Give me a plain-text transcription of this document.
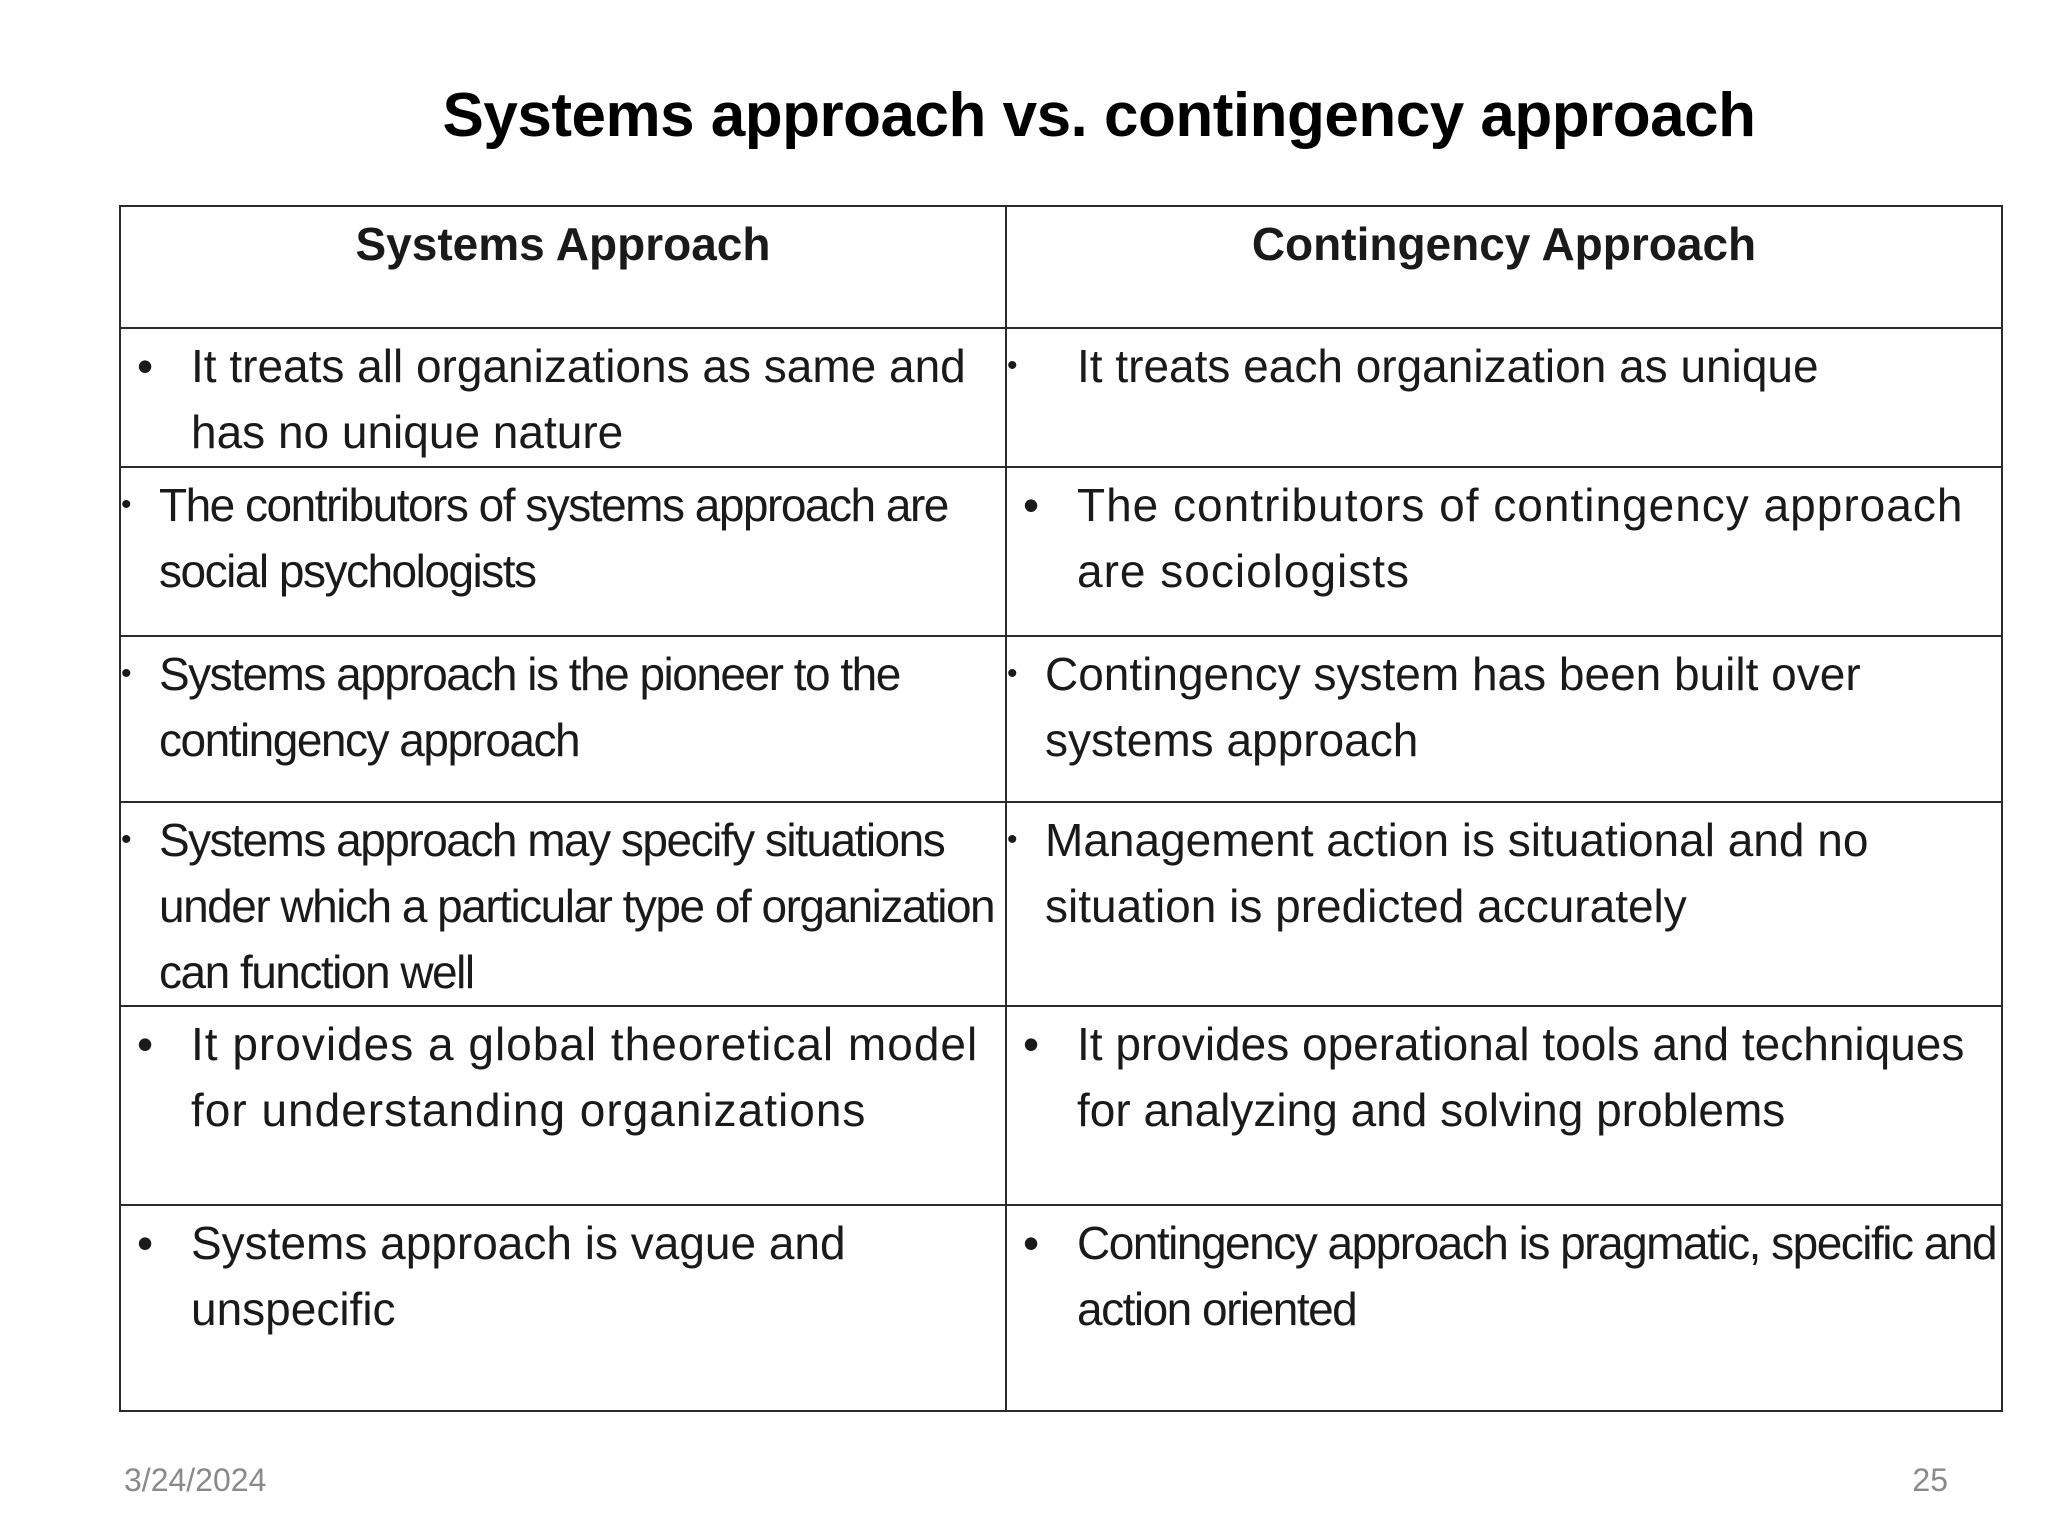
Systems approach vs. contingency approach
Systems Approach	Contingency Approach

• It treats all organizations as same and has no unique nature	• It treats each organization as unique

• The contributors of systems approach are social psychologists	• The contributors of contingency approach are sociologists

• Systems approach is the pioneer to the contingency approach	• Contingency system has been built over systems approach

• Systems approach may specify situations under which a particular type of organization can function well	• Management action is situational and no situation is predicted accurately

• It provides a global theoretical model for understanding organizations	• It provides operational tools and techniques for analyzing and solving problems

• Systems approach is vague and unspecific	• Contingency approach is pragmatic, specific and action oriented
3/24/2024	25
